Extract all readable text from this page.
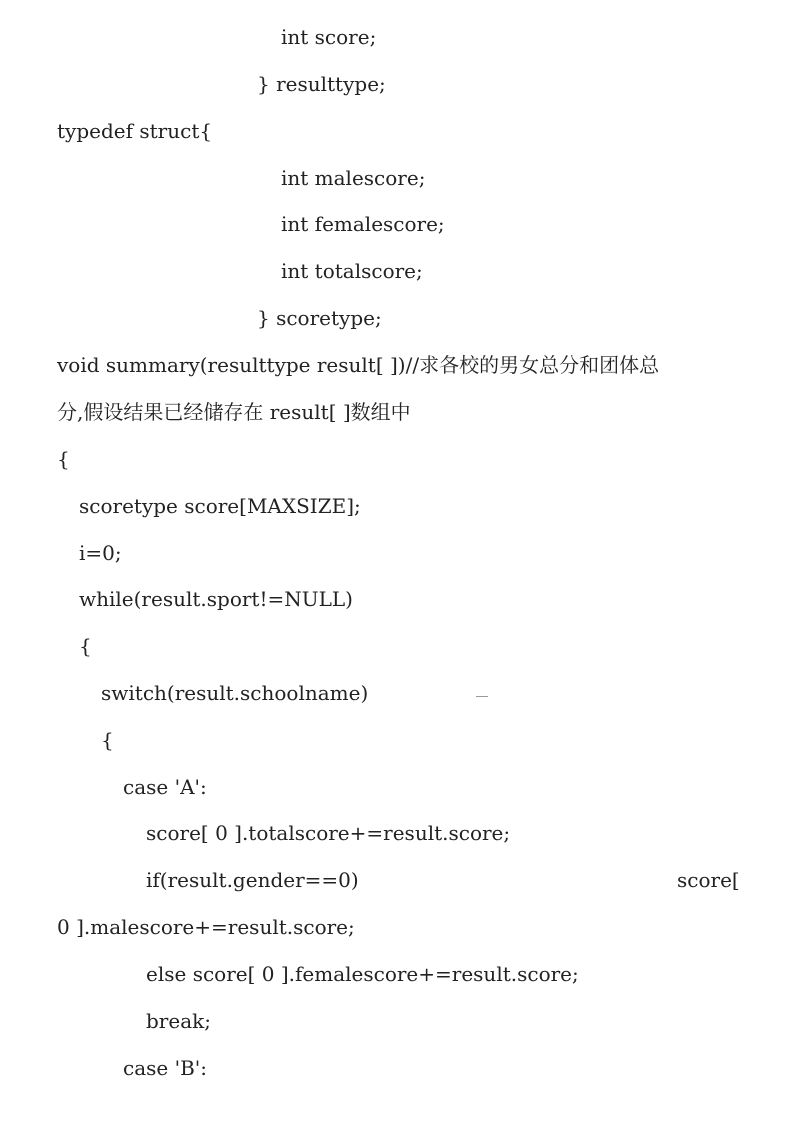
int score;
} resulttype;
typedef struct{
int malescore;
int femalescore;
int totalscore;
} scoretype;
void summary(resulttype result[ ])//求各校的男女总分和团体总
分,假设结果已经储存在 result[ ]数组中
{
scoretype score[MAXSIZE];
i=0;
while(result.sport!=NULL)
{
switch(result.schoolname)
{
case 'A':
score[ 0 ].totalscore+=result.score;
if(result.gender==0)	score[
0 ].malescore+=result.score;
else score[ 0 ].femalescore+=result.score;
break;
case 'B':
